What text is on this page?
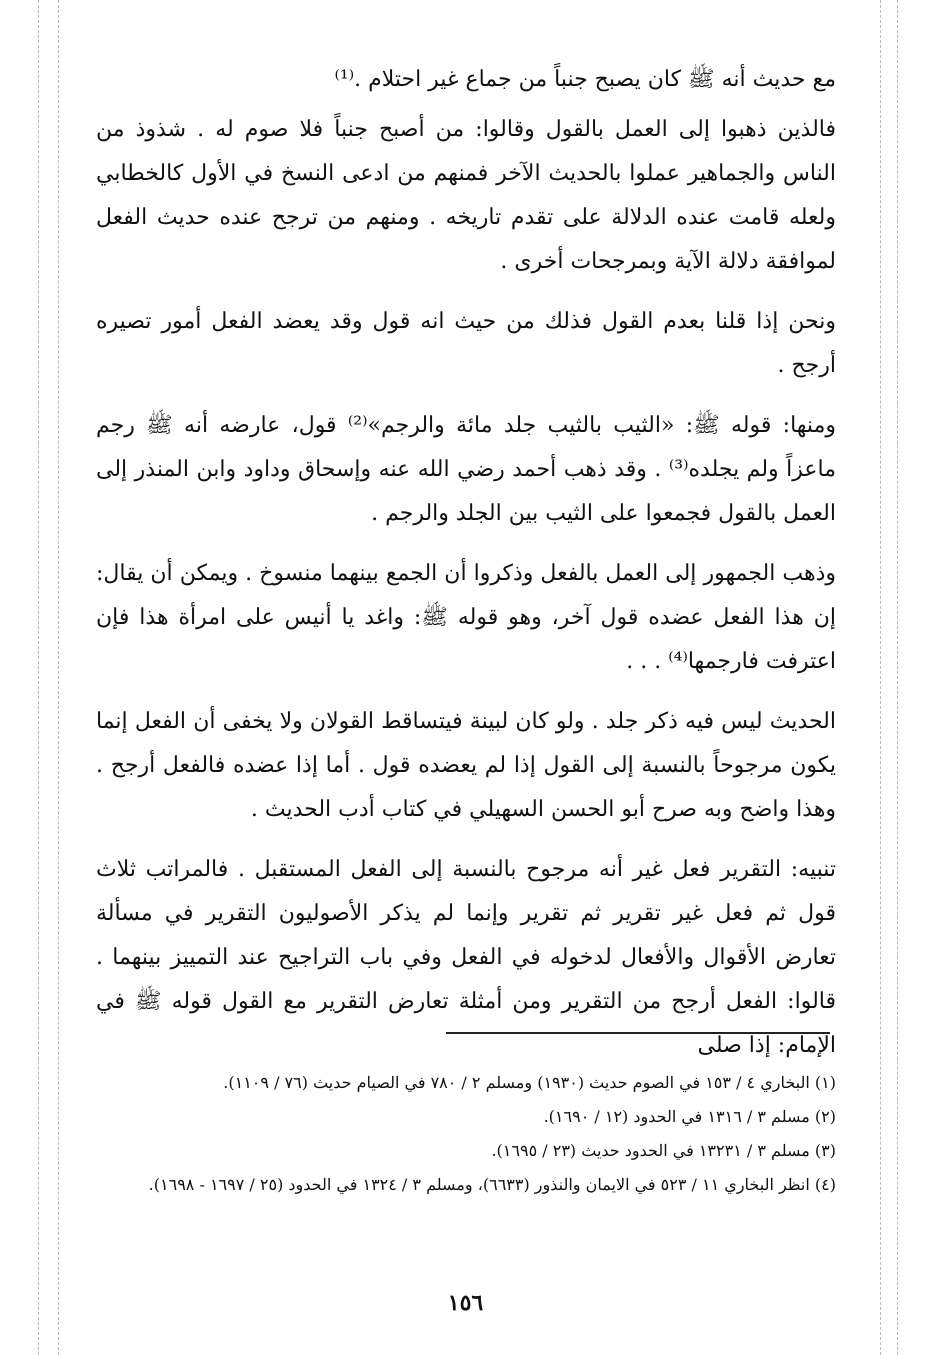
مع حديث أنه ﷺ كان يصبح جنباً من جماع غير احتلام .⁽¹⁾

فالذين ذهبوا إلى العمل بالقول وقالوا: من أصبح جنباً فلا صوم له . شذوذ من الناس والجماهير عملوا بالحديث الآخر فمنهم من ادعى النسخ في الأول كالخطابي ولعله قامت عنده الدلالة على تقدم تاريخه . ومنهم من ترجح عنده حديث الفعل لموافقة دلالة الآية وبمرجحات أخرى .

ونحن إذا قلنا بعدم القول فذلك من حيث انه قول وقد يعضد الفعل أمور تصيره أرجح .

ومنها: قوله ﷺ: «الثيب بالثيب جلد مائة والرجم»⁽²⁾ قول، عارضه أنه ﷺ رجم ماعزاً ولم يجلده⁽³⁾ . وقد ذهب أحمد رضي الله عنه وإسحاق وداود وابن المنذر إلى العمل بالقول فجمعوا على الثيب بين الجلد والرجم .

وذهب الجمهور إلى العمل بالفعل وذكروا أن الجمع بينهما منسوخ . ويمكن أن يقال: إن هذا الفعل عضده قول آخر، وهو قوله ﷺ: واغد يا أنيس على امرأة هذا فإن اعترفت فارجمها⁽⁴⁾ . . .

الحديث ليس فيه ذكر جلد . ولو كان لبينة فيتساقط القولان ولا يخفى أن الفعل إنما يكون مرجوحاً بالنسبة إلى القول إذا لم يعضده قول . أما إذا عضده فالفعل أرجح . وهذا واضح وبه صرح أبو الحسن السهيلي في كتاب أدب الحديث .

تنبيه: التقرير فعل غير أنه مرجوح بالنسبة إلى الفعل المستقبل . فالمراتب ثلاث قول ثم فعل غير تقرير ثم تقرير وإنما لم يذكر الأصوليون التقرير في مسألة تعارض الأقوال والأفعال لدخوله في الفعل وفي باب التراجيح عند التمييز بينهما . قالوا: الفعل أرجح من التقرير ومن أمثلة تعارض التقرير مع القول قوله ﷺ في الإمام: إذا صلى

(١) البخاري ٤ / ١٥٣ في الصوم حديث (١٩٣٠) ومسلم ٢ / ٧٨٠ في الصيام حديث (٧٦ / ١١٠٩).

(٢) مسلم ٣ / ١٣١٦ في الحدود (١٢ / ١٦٩٠).

(٣) مسلم ٣ / ١٣٢٣١ في الحدود حديث (٢٣ / ١٦٩٥).

(٤) انظر البخاري ١١ / ٥٢٣ في الايمان والنذور (٦٦٣٣)، ومسلم ٣ / ١٣٢٤ في الحدود (٢٥ / ١٦٩٧ - ١٦٩٨).

١٥٦
